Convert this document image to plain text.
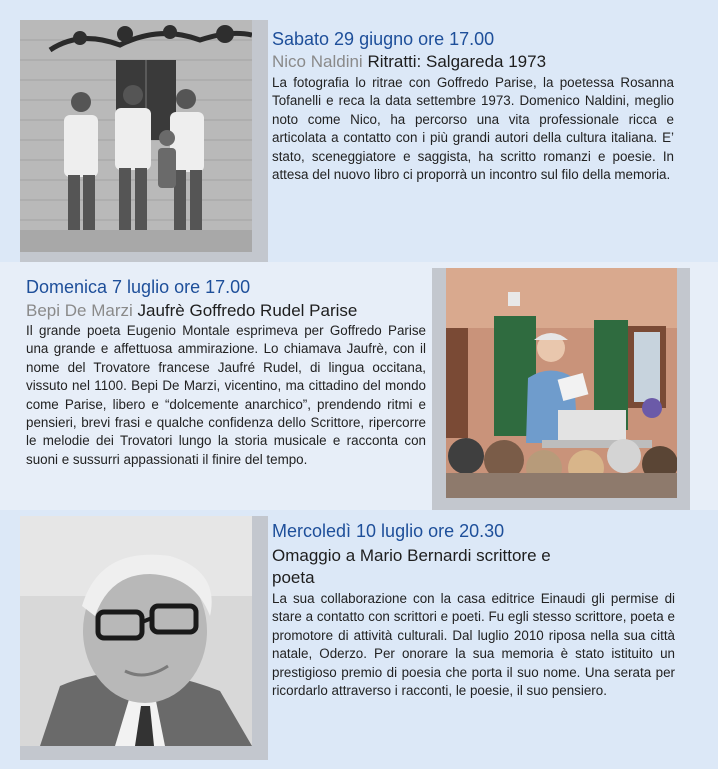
Sabato 29 giugno ore 17.00
Nico Naldini Ritratti: Salgareda 1973

La fotografia lo ritrae con Goffredo Parise, la poetessa Rosanna Tofanelli e reca la data settembre 1973. Domenico Naldini, meglio noto come Nico, ha percorso una vita professionale ricca e articolata a contatto con i più grandi autori della cultura italiana. E’ stato, sceneggiatore e saggista, ha scritto romanzi e poesie. In attesa del nuovo libro ci proporrà un incontro sul filo della memoria.

Domenica 7 luglio ore 17.00
Bepi De Marzi Jaufrè Goffredo Rudel Parise

Il grande poeta Eugenio Montale esprimeva per Goffredo Parise una grande e affettuosa ammirazione. Lo chiamava Jaufrè, con il nome del Trovatore francese Jaufré Rudel, di lingua occitana, vissuto nel 1100. Bepi De Marzi, vicentino, ma cittadino del mondo come Parise, libero e “dolcemente anarchico”, prendendo ritmi e pensieri, brevi frasi e qualche confidenza dello Scrittore, ripercorre le melodie dei Trovatori lungo la storia musicale e racconta con suoni e sussurri appassionati il finire del tempo.

Mercoledì 10 luglio ore 20.30
Omaggio a Mario Bernardi scrittore e
poeta

La sua collaborazione con la casa editrice Einaudi gli permise di stare a contatto con scrittori e poeti. Fu egli stesso scrittore, poeta e promotore di attività culturali. Dal luglio 2010 riposa nella sua città natale, Oderzo. Per onorare la sua memoria è stato istituito un prestigioso premio di poesia che porta il suo nome. Una serata per ricordarlo attraverso i racconti, le poesie, il suo pensiero.
